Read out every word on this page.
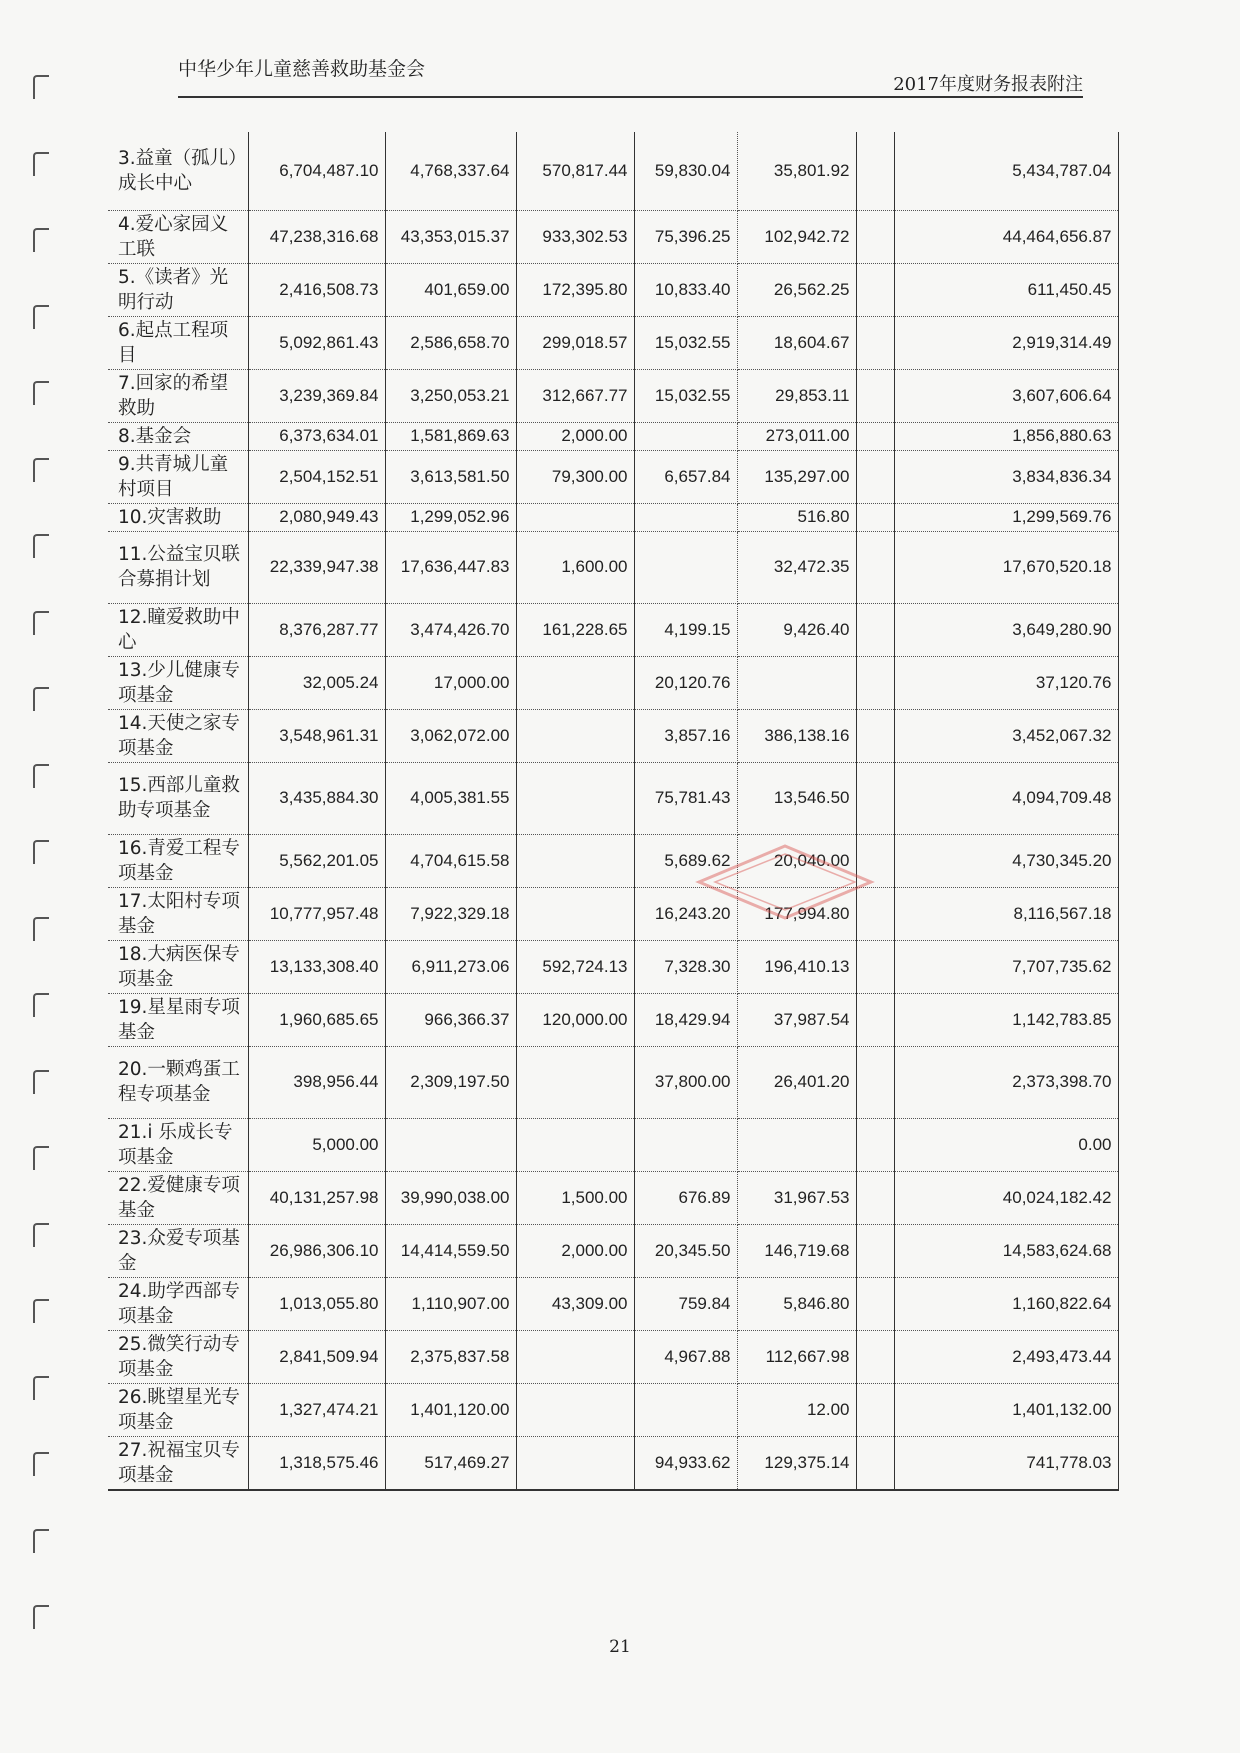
中华少年儿童慈善救助基金会
2017年度财务报表附注
3.益童（孤儿）成长中心	6,704,487.10	4,768,337.64	570,817.44	59,830.04	35,801.92		5,434,787.04
4.爱心家园义工联	47,238,316.68	43,353,015.37	933,302.53	75,396.25	102,942.72		44,464,656.87
5.《读者》光明行动	2,416,508.73	401,659.00	172,395.80	10,833.40	26,562.25		611,450.45
6.起点工程项目	5,092,861.43	2,586,658.70	299,018.57	15,032.55	18,604.67		2,919,314.49
7.回家的希望救助	3,239,369.84	3,250,053.21	312,667.77	15,032.55	29,853.11		3,607,606.64
8.基金会	6,373,634.01	1,581,869.63	2,000.00		273,011.00		1,856,880.63
9.共青城儿童村项目	2,504,152.51	3,613,581.50	79,300.00	6,657.84	135,297.00		3,834,836.34
10.灾害救助	2,080,949.43	1,299,052.96			516.80		1,299,569.76
11.公益宝贝联合募捐计划	22,339,947.38	17,636,447.83	1,600.00		32,472.35		17,670,520.18
12.瞳爱救助中心	8,376,287.77	3,474,426.70	161,228.65	4,199.15	9,426.40		3,649,280.90
13.少儿健康专项基金	32,005.24	17,000.00		20,120.76			37,120.76
14.天使之家专项基金	3,548,961.31	3,062,072.00		3,857.16	386,138.16		3,452,067.32
15.西部儿童救助专项基金	3,435,884.30	4,005,381.55		75,781.43	13,546.50		4,094,709.48
16.青爱工程专项基金	5,562,201.05	4,704,615.58		5,689.62	20,040.00		4,730,345.20
17.太阳村专项基金	10,777,957.48	7,922,329.18		16,243.20	177,994.80		8,116,567.18
18.大病医保专项基金	13,133,308.40	6,911,273.06	592,724.13	7,328.30	196,410.13		7,707,735.62
19.星星雨专项基金	1,960,685.65	966,366.37	120,000.00	18,429.94	37,987.54		1,142,783.85
20.一颗鸡蛋工程专项基金	398,956.44	2,309,197.50		37,800.00	26,401.20		2,373,398.70
21.i 乐成长专项基金	5,000.00						0.00
22.爱健康专项基金	40,131,257.98	39,990,038.00	1,500.00	676.89	31,967.53		40,024,182.42
23.众爱专项基金	26,986,306.10	14,414,559.50	2,000.00	20,345.50	146,719.68		14,583,624.68
24.助学西部专项基金	1,013,055.80	1,110,907.00	43,309.00	759.84	5,846.80		1,160,822.64
25.微笑行动专项基金	2,841,509.94	2,375,837.58		4,967.88	112,667.98		2,493,473.44
26.眺望星光专项基金	1,327,474.21	1,401,120.00			12.00		1,401,132.00
27.祝福宝贝专项基金	1,318,575.46	517,469.27		94,933.62	129,375.14		741,778.03
21
